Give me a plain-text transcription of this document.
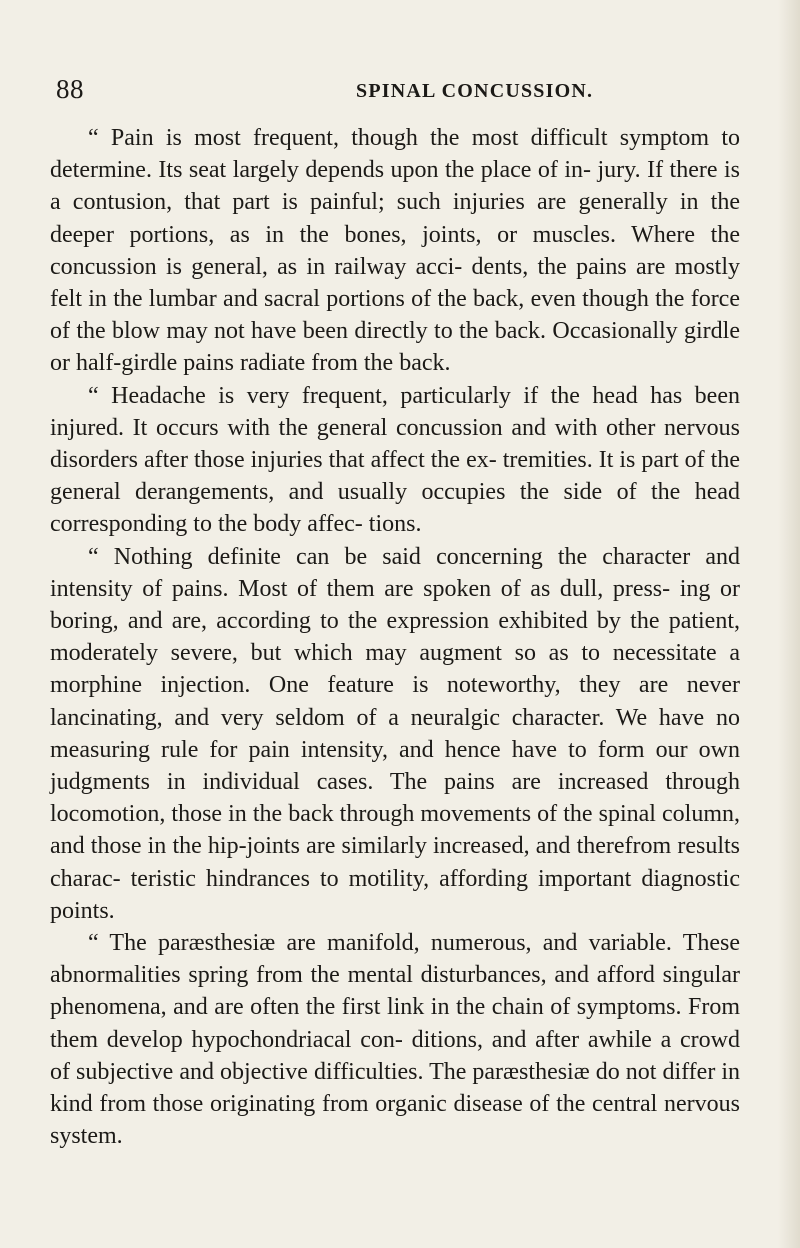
88	SPINAL CONCUSSION.

“ Pain is most frequent, though the most difficult symptom to determine. Its seat largely depends upon the place of in- jury. If there is a contusion, that part is painful; such injuries are generally in the deeper portions, as in the bones, joints, or muscles. Where the concussion is general, as in railway acci- dents, the pains are mostly felt in the lumbar and sacral portions of the back, even though the force of the blow may not have been directly to the back. Occasionally girdle or half-girdle pains radiate from the back.

“ Headache is very frequent, particularly if the head has been injured. It occurs with the general concussion and with other nervous disorders after those injuries that affect the ex- tremities. It is part of the general derangements, and usually occupies the side of the head corresponding to the body affec- tions.

“ Nothing definite can be said concerning the character and intensity of pains. Most of them are spoken of as dull, press- ing or boring, and are, according to the expression exhibited by the patient, moderately severe, but which may augment so as to necessitate a morphine injection. One feature is noteworthy, they are never lancinating, and very seldom of a neuralgic character. We have no measuring rule for pain intensity, and hence have to form our own judgments in individual cases. The pains are increased through locomotion, those in the back through movements of the spinal column, and those in the hip-joints are similarly increased, and therefrom results charac- teristic hindrances to motility, affording important diagnostic points.

“ The paræsthesiæ are manifold, numerous, and variable. These abnormalities spring from the mental disturbances, and afford singular phenomena, and are often the first link in the chain of symptoms. From them develop hypochondriacal con- ditions, and after awhile a crowd of subjective and objective difficulties. The paræsthesiæ do not differ in kind from those originating from organic disease of the central nervous system.
